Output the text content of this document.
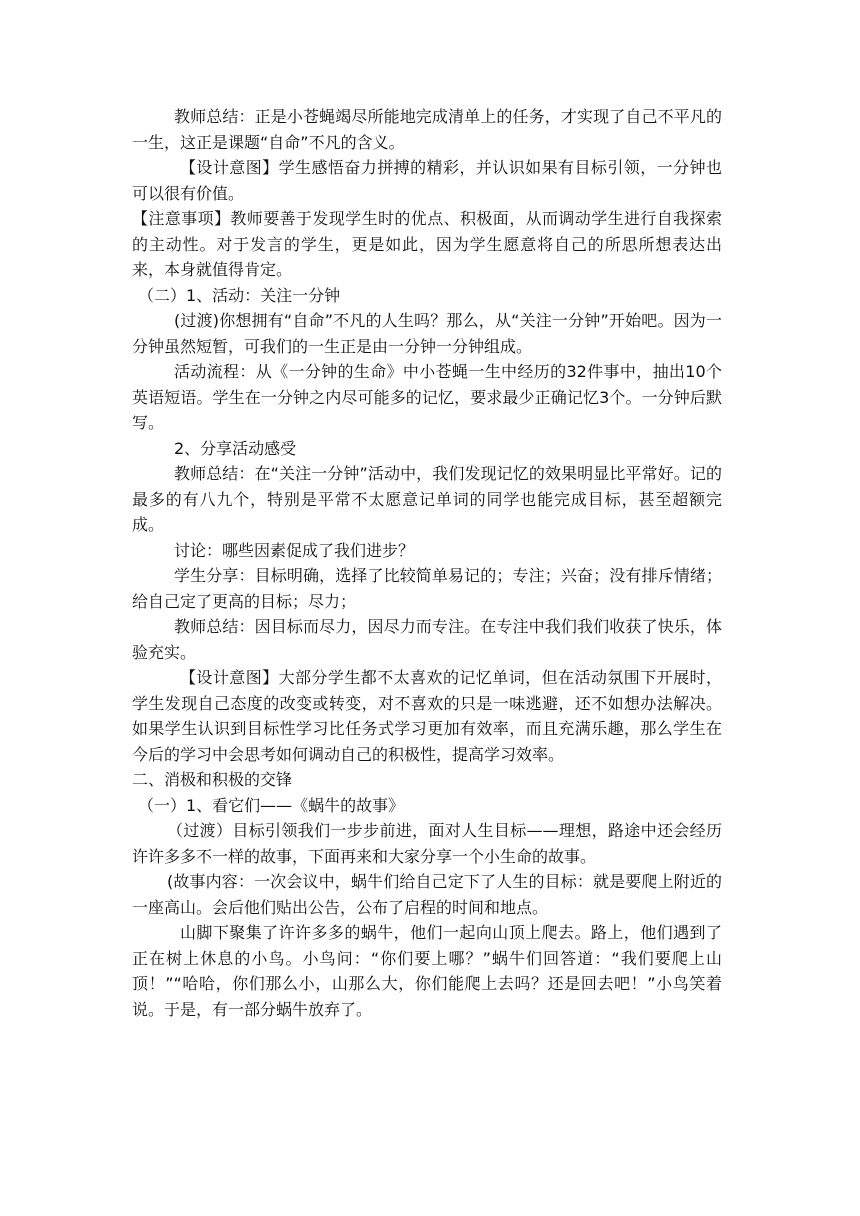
教师总结：正是小苍蝇竭尽所能地完成清单上的任务，才实现了自己不平凡的一生，这正是课题“自命”不凡的含义。

【设计意图】学生感悟奋力拼搏的精彩，并认识如果有目标引领，一分钟也可以很有价值。

【注意事项】教师要善于发现学生时的优点、积极面，从而调动学生进行自我探索的主动性。对于发言的学生，更是如此，因为学生愿意将自己的所思所想表达出来，本身就值得肯定。

（二）1、活动：关注一分钟

(过渡)你想拥有“自命”不凡的人生吗？那么，从“关注一分钟”开始吧。因为一分钟虽然短暂，可我们的一生正是由一分钟一分钟组成。

活动流程：从《一分钟的生命》中小苍蝇一生中经历的32件事中，抽出10个英语短语。学生在一分钟之内尽可能多的记忆，要求最少正确记忆3个。一分钟后默写。

2、分享活动感受

教师总结：在“关注一分钟”活动中，我们发现记忆的效果明显比平常好。记的最多的有八九个，特别是平常不太愿意记单词的同学也能完成目标，甚至超额完成。

讨论：哪些因素促成了我们进步？

学生分享：目标明确，选择了比较简单易记的；专注；兴奋；没有排斥情绪；给自己定了更高的目标；尽力；

教师总结：因目标而尽力，因尽力而专注。在专注中我们我们收获了快乐，体验充实。

【设计意图】大部分学生都不太喜欢的记忆单词，但在活动氛围下开展时，学生发现自己态度的改变或转变，对不喜欢的只是一味逃避，还不如想办法解决。如果学生认识到目标性学习比任务式学习更加有效率，而且充满乐趣，那么学生在今后的学习中会思考如何调动自己的积极性，提高学习效率。

二、消极和积极的交锋

（一）1、看它们——《蜗牛的故事》

（过渡）目标引领我们一步步前进，面对人生目标——理想，路途中还会经历许许多多不一样的故事，下面再来和大家分享一个小生命的故事。

(故事内容：一次会议中，蜗牛们给自己定下了人生的目标：就是要爬上附近的一座高山。会后他们贴出公告，公布了启程的时间和地点。

山脚下聚集了许许多多的蜗牛，他们一起向山顶上爬去。路上，他们遇到了正在树上休息的小鸟。小鸟问：“你们要上哪？”蜗牛们回答道：“我们要爬上山顶！”“哈哈，你们那么小，山那么大，你们能爬上去吗？还是回去吧！”小鸟笑着说。于是，有一部分蜗牛放弃了。
